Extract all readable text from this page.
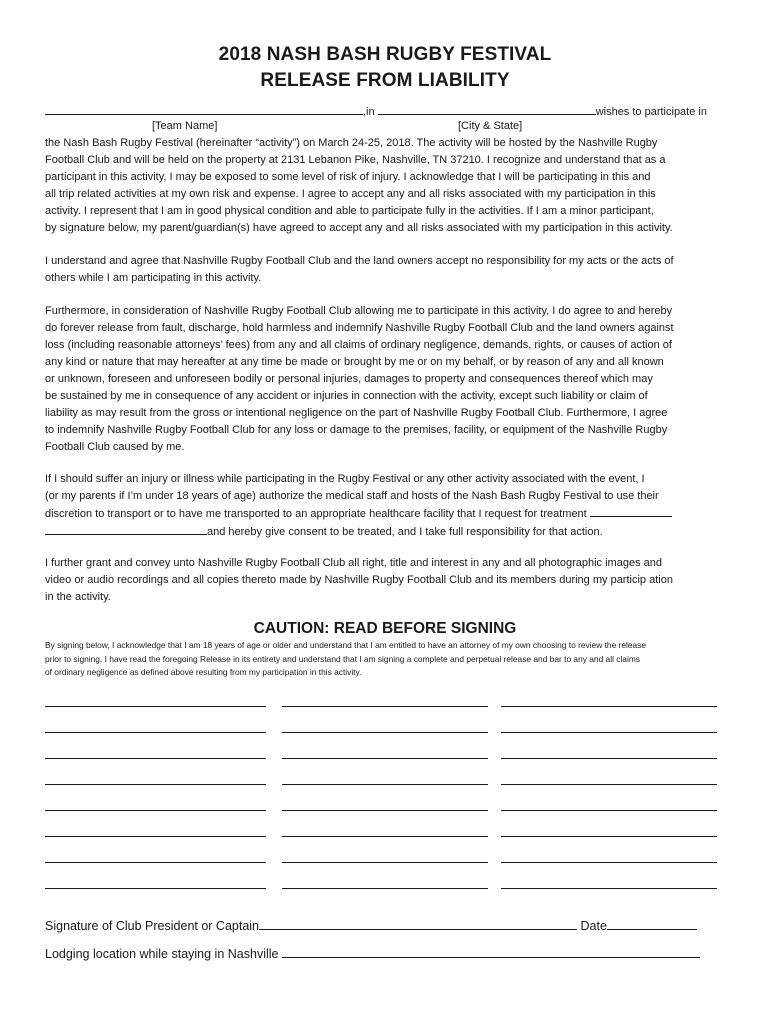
2018 NASH BASH RUGBY FESTIVAL
RELEASE FROM LIABILITY
,in	wishes to participate in
[Team Name]	[City & State]
the Nash Bash Rugby Festival (hereinafter “activity”) on March 24-25, 2018. The activity will be hosted by the Nashville Rugby
Football Club and will be held on the property at 2131 Lebanon Pike, Nashville, TN 37210. I recognize and understand that as a
participant in this activity, I may be exposed to some level of risk of injury. I acknowledge that I will be participating in this and
all trip related activities at my own risk and expense. I agree to accept any and all risks associated with my participation in this
activity. I represent that I am in good physical condition and able to participate fully in the activities. If I am a minor participant,
by signature below, my parent/guardian(s) have agreed to accept any and all risks associated with my participation in this activity.
I understand and agree that Nashville Rugby Football Club and the land owners accept no responsibility for my acts or the acts of
others while I am participating in this activity.
Furthermore, in consideration of Nashville Rugby Football Club allowing me to participate in this activity, I do agree to and hereby
do forever release from fault, discharge, hold harmless and indemnify Nashville Rugby Football Club and the land owners against
loss (including reasonable attorneys’ fees) from any and all claims of ordinary negligence, demands, rights, or causes of action of
any kind or nature that may hereafter at any time be made or brought by me or on my behalf, or by reason of any and all known
or unknown, foreseen and unforeseen bodily or personal injuries, damages to property and consequences thereof which may
be sustained by me in consequence of any accident or injuries in connection with the activity, except such liability or claim of
liability as may result from the gross or intentional negligence on the part of Nashville Rugby Football Club. Furthermore, I agree
to indemnify Nashville Rugby Football Club for any loss or damage to the premises, facility, or equipment of the Nashville Rugby
Football Club caused by me.
If I should suffer an injury or illness while participating in the Rugby Festival or any other activity associated with the event, I
(or my parents if I’m under 18 years of age) authorize the medical staff and hosts of the Nash Bash Rugby Festival to use their
discretion to transport or to have me transported to an appropriate healthcare facility that I request for treatment
and hereby give consent to be treated, and I take full responsibility for that action.
I further grant and convey unto Nashville Rugby Football Club all right, title and interest in any and all photographic images and
video or audio recordings and all copies thereto made by Nashville Rugby Football Club and its members during my particip ation
in the activity.
CAUTION: READ BEFORE SIGNING
By signing below, I acknowledge that I am 18 years of age or older and understand that I am entitled to have an attorney of my own choosing to review the release
prior to signing. I have read the foregoing Release in its entirety and understand that I am signing a complete and perpetual release and bar to any and all claims
of ordinary negligence as defined above resulting from my participation in this activity.
Signature of Club President or Captain	Date
Lodging location while staying in Nashville
